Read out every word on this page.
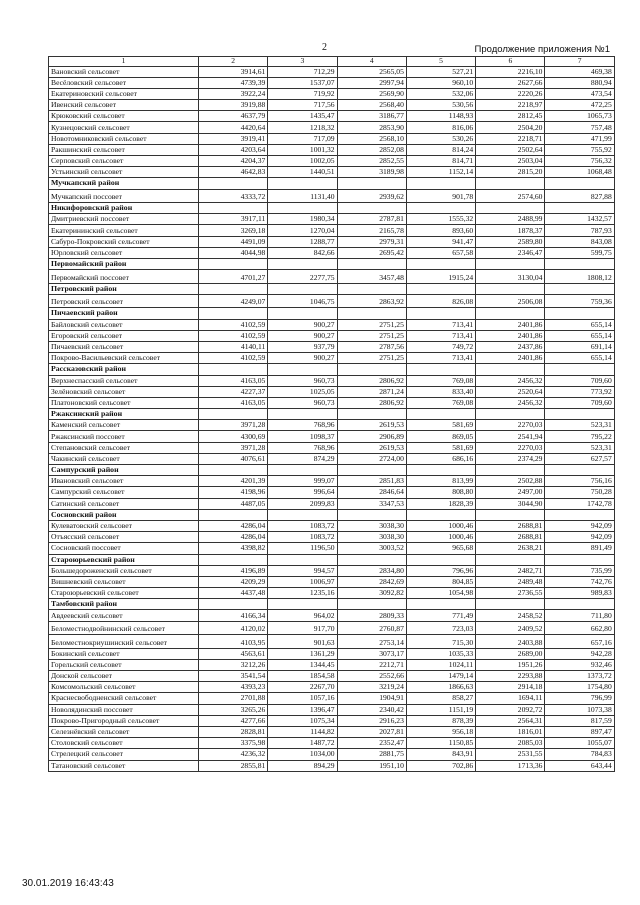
2	Продолжение приложения №1
1	2	3	4	5	6	7
Вановский сельсовет	3914,61	712,29	2565,05	527,21	2216,10	469,38
Весёловский сельсовет	4739,39	1537,07	2997,94	960,10	2627,66	880,94
Екатериновский сельсовет	3922,24	719,92	2569,90	532,06	2220,26	473,54
Ивенский сельсовет	3919,88	717,56	2568,40	530,56	2218,97	472,25
Крюковский сельсовет	4637,79	1435,47	3186,77	1148,93	2812,45	1065,73
Кузнецовский сельсовет	4420,64	1218,32	2853,90	816,06	2504,20	757,48
Новотомниковский сельсовет	3919,41	717,09	2568,10	530,26	2218,71	471,99
Ракшинский сельсовет	4203,64	1001,32	2852,08	814,24	2502,64	755,92
Серповский сельсовет	4204,37	1002,05	2852,55	814,71	2503,04	756,32
Устьинский сельсовет	4642,83	1440,51	3189,98	1152,14	2815,20	1068,48
Мучкапский район						
Мучкапский поссовет	4333,72	1131,40	2939,62	901,78	2574,60	827,88
Никифоровский район						
Дмитриевский поссовет	3917,11	1980,34	2787,81	1555,32	2488,99	1432,57
Екатерининский сельсовет	3269,18	1270,04	2165,78	893,60	1878,37	787,93
Сабуро-Покровский сельсовет	4491,09	1288,77	2979,31	941,47	2589,80	843,08
Юрловский сельсовет	4044,98	842,66	2695,42	657,58	2346,47	599,75
Первомайский район						
Первомайский поссовет	4701,27	2277,75	3457,48	1915,24	3130,04	1808,12
Петровский район						
Петровский сельсовет	4249,07	1046,75	2863,92	826,08	2506,08	759,36
Пичаевский район						
Байловский сельсовет	4102,59	900,27	2751,25	713,41	2401,86	655,14
Егоровский сельсовет	4102,59	900,27	2751,25	713,41	2401,86	655,14
Пичаевский сельсовет	4140,11	937,79	2787,56	749,72	2437,86	691,14
Покрово-Васильевский сельсовет	4102,59	900,27	2751,25	713,41	2401,86	655,14
Рассказовский район						
Верхнеспасский сельсовет	4163,05	960,73	2806,92	769,08	2456,32	709,60
Зелёновский сельсовет	4227,37	1025,05	2871,24	833,40	2520,64	773,92
Платоновский сельсовет	4163,05	960,73	2806,92	769,08	2456,32	709,60
Ржаксинский район						
Каменский сельсовет	3971,28	768,96	2619,53	581,69	2270,03	523,31
Ржаксинский поссовет	4300,69	1098,37	2906,89	869,05	2541,94	795,22
Степановский сельсовет	3971,28	768,96	2619,53	581,69	2270,03	523,31
Чакинский сельсовет	4076,61	874,29	2724,00	686,16	2374,29	627,57
Сампурский район						
Ивановский сельсовет	4201,39	999,07	2851,83	813,99	2502,88	756,16
Сампурский сельсовет	4198,96	996,64	2846,64	808,80	2497,00	750,28
Сатинский сельсовет	4487,05	2099,83	3347,53	1828,39	3044,90	1742,78
Сосновский район						
Кулеватовский сельсовет	4286,04	1083,72	3038,30	1000,46	2688,81	942,09
Отъясский сельсовет	4286,04	1083,72	3038,30	1000,46	2688,81	942,09
Сосновский поссовет	4398,82	1196,50	3003,52	965,68	2638,21	891,49
Староюрьевский район						
Большедороженский сельсовет	4196,89	994,57	2834,80	796,96	2482,71	735,99
Вишневский сельсовет	4209,29	1006,97	2842,69	804,85	2489,48	742,76
Староюрьевский сельсовет	4437,48	1235,16	3092,82	1054,98	2736,55	989,83
Тамбовский район						
Авдеевский сельсовет	4166,34	964,02	2809,33	771,49	2458,52	711,80
Беломестнодвойнинский сельсовет	4120,02	917,70	2760,87	723,03	2409,52	662,80
Беломестнокриушинский сельсовет	4103,95	901,63	2753,14	715,30	2403,88	657,16
Бокинский сельсовет	4563,61	1361,29	3073,17	1035,33	2689,00	942,28
Горельский сельсовет	3212,26	1344,45	2212,71	1024,11	1951,26	932,46
Донской сельсовет	3541,54	1854,58	2552,66	1479,14	2293,88	1373,72
Комсомольский сельсовет	4393,23	2267,70	3219,24	1866,63	2914,18	1754,80
Краснесвободненский сельсовет	2701,88	1057,16	1904,91	858,27	1694,11	796,99
Новолядинский поссовет	3265,26	1396,47	2340,42	1151,19	2092,72	1073,38
Покрово-Пригородный сельсовет	4277,66	1075,34	2916,23	878,39	2564,31	817,59
Селезнёвский сельсовет	2828,81	1144,82	2027,81	956,18	1816,01	897,47
Столовский сельсовет	3375,98	1487,72	2352,47	1150,85	2085,03	1055,07
Стрелецкий сельсовет	4236,32	1034,00	2881,75	843,91	2531,55	784,83
Татановский сельсовет	2855,81	894,29	1951,10	702,86	1713,36	643,44
30.01.2019 16:43:43
